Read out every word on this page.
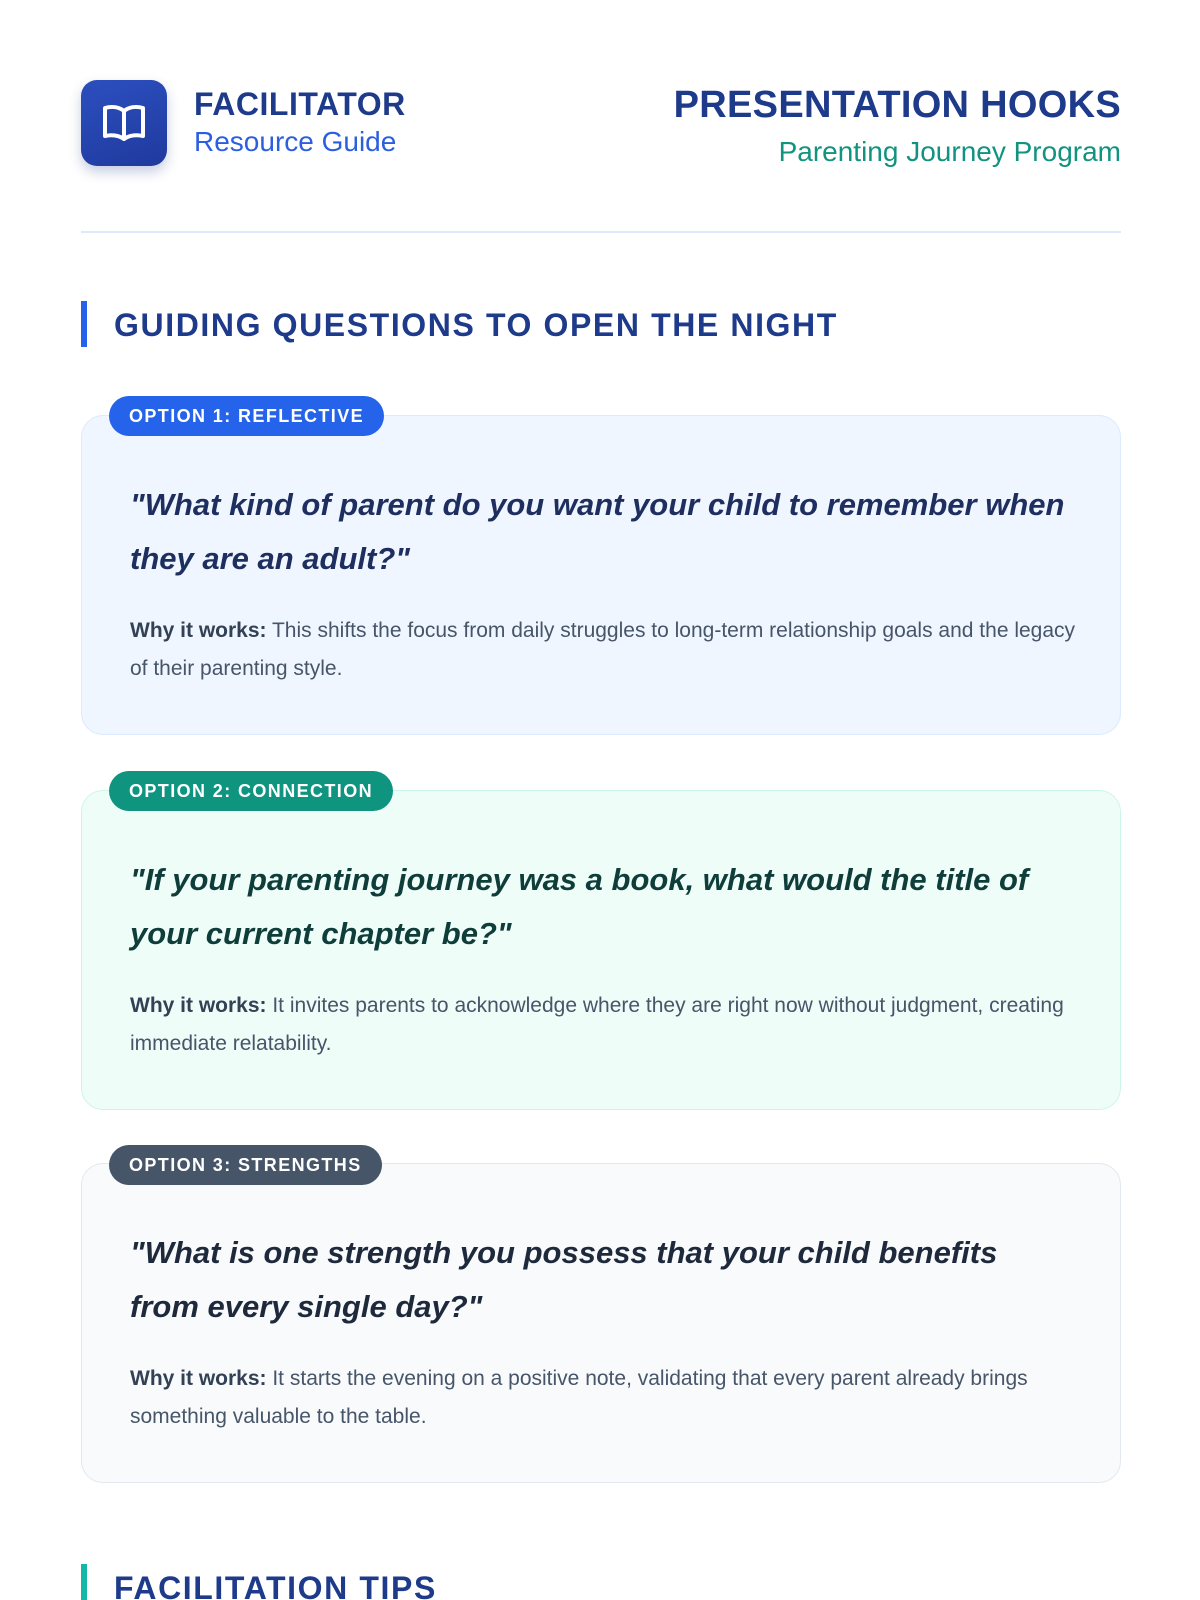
FACILITATOR
Resource Guide
PRESENTATION HOOKS
Parenting Journey Program
GUIDING QUESTIONS TO OPEN THE NIGHT
"What kind of parent do you want your child to remember when they are an adult?"
Why it works: This shifts the focus from daily struggles to long-term relationship goals and the legacy of their parenting style.
OPTION 1: REFLECTIVE
"If your parenting journey was a book, what would the title of your current chapter be?"
Why it works: It invites parents to acknowledge where they are right now without judgment, creating immediate relatability.
OPTION 2: CONNECTION
"What is one strength you possess that your child benefits from every single day?"
Why it works: It starts the evening on a positive note, validating that every parent already brings something valuable to the table.
OPTION 3: STRENGTHS
FACILITATION TIPS
